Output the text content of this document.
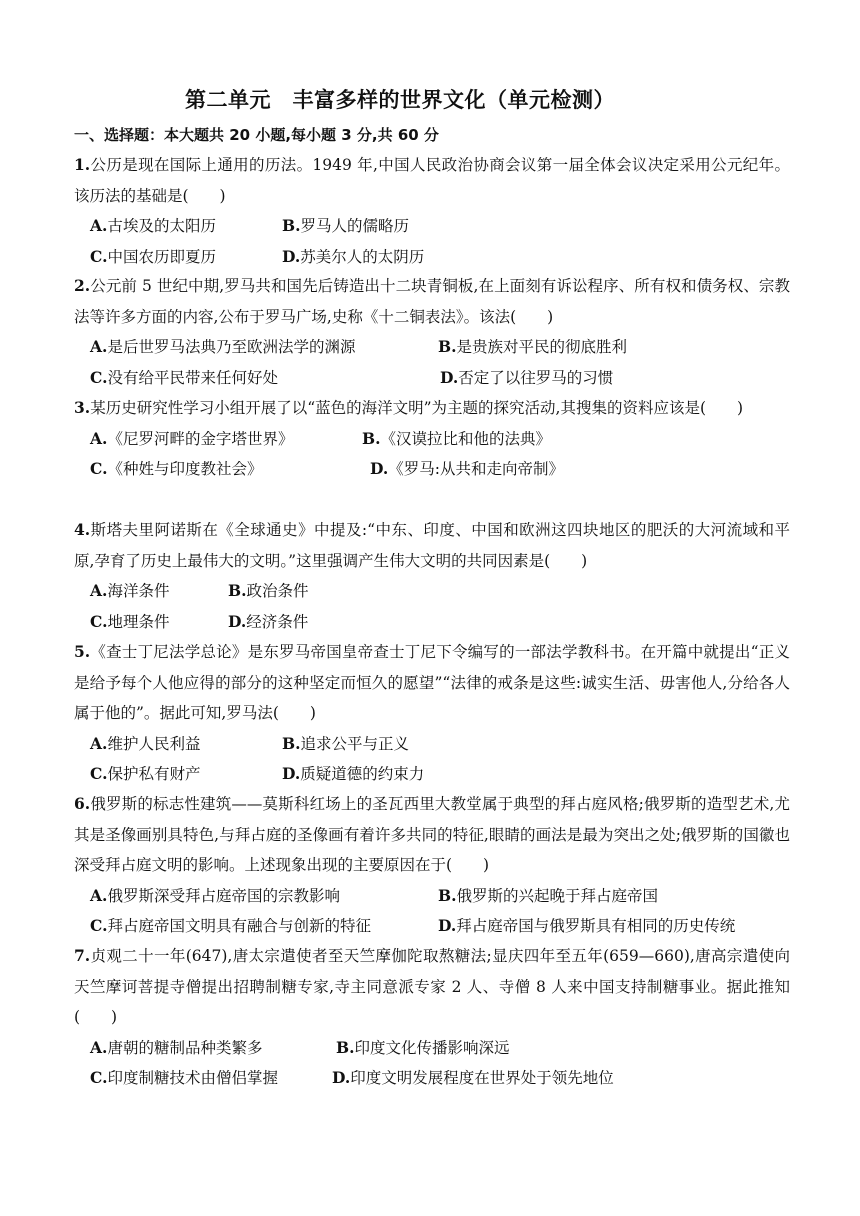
第二单元　丰富多样的世界文化（单元检测）
一、选择题：本大题共 20 小题,每小题 3 分,共 60 分
1.公历是现在国际上通用的历法。1949 年,中国人民政治协商会议第一届全体会议决定采用公元纪年。该历法的基础是(　　)
A.古埃及的太阳历	B.罗马人的儒略历
C.中国农历即夏历	D.苏美尔人的太阴历
2.公元前 5 世纪中期,罗马共和国先后铸造出十二块青铜板,在上面刻有诉讼程序、所有权和债务权、宗教法等许多方面的内容,公布于罗马广场,史称《十二铜表法》。该法(　　)
A.是后世罗马法典乃至欧洲法学的渊源	B.是贵族对平民的彻底胜利
C.没有给平民带来任何好处	D.否定了以往罗马的习惯
3.某历史研究性学习小组开展了以“蓝色的海洋文明”为主题的探究活动,其搜集的资料应该是(　　)
A.《尼罗河畔的金字塔世界》	B.《汉谟拉比和他的法典》
C.《种姓与印度教社会》	D.《罗马:从共和走向帝制》
4.斯塔夫里阿诺斯在《全球通史》中提及:“中东、印度、中国和欧洲这四块地区的肥沃的大河流域和平原,孕育了历史上最伟大的文明。”这里强调产生伟大文明的共同因素是(　　)
A.海洋条件	B.政治条件
C.地理条件	D.经济条件
5.《查士丁尼法学总论》是东罗马帝国皇帝查士丁尼下令编写的一部法学教科书。在开篇中就提出“正义是给予每个人他应得的部分的这种坚定而恒久的愿望”“法律的戒条是这些:诚实生活、毋害他人,分给各人属于他的”。据此可知,罗马法(　　)
A.维护人民利益	B.追求公平与正义
C.保护私有财产	D.质疑道德的约束力
6.俄罗斯的标志性建筑——莫斯科红场上的圣瓦西里大教堂属于典型的拜占庭风格;俄罗斯的造型艺术,尤其是圣像画别具特色,与拜占庭的圣像画有着许多共同的特征,眼睛的画法是最为突出之处;俄罗斯的国徽也深受拜占庭文明的影响。上述现象出现的主要原因在于(　　)
A.俄罗斯深受拜占庭帝国的宗教影响	B.俄罗斯的兴起晚于拜占庭帝国
C.拜占庭帝国文明具有融合与创新的特征	D.拜占庭帝国与俄罗斯具有相同的历史传统
7.贞观二十一年(647),唐太宗遣使者至天竺摩伽陀取熬糖法;显庆四年至五年(659—660),唐高宗遣使向天竺摩诃菩提寺僧提出招聘制糖专家,寺主同意派专家 2 人、寺僧 8 人来中国支持制糖事业。据此推知(　　)
A.唐朝的糖制品种类繁多	B.印度文化传播影响深远
C.印度制糖技术由僧侣掌握	D.印度文明发展程度在世界处于领先地位
